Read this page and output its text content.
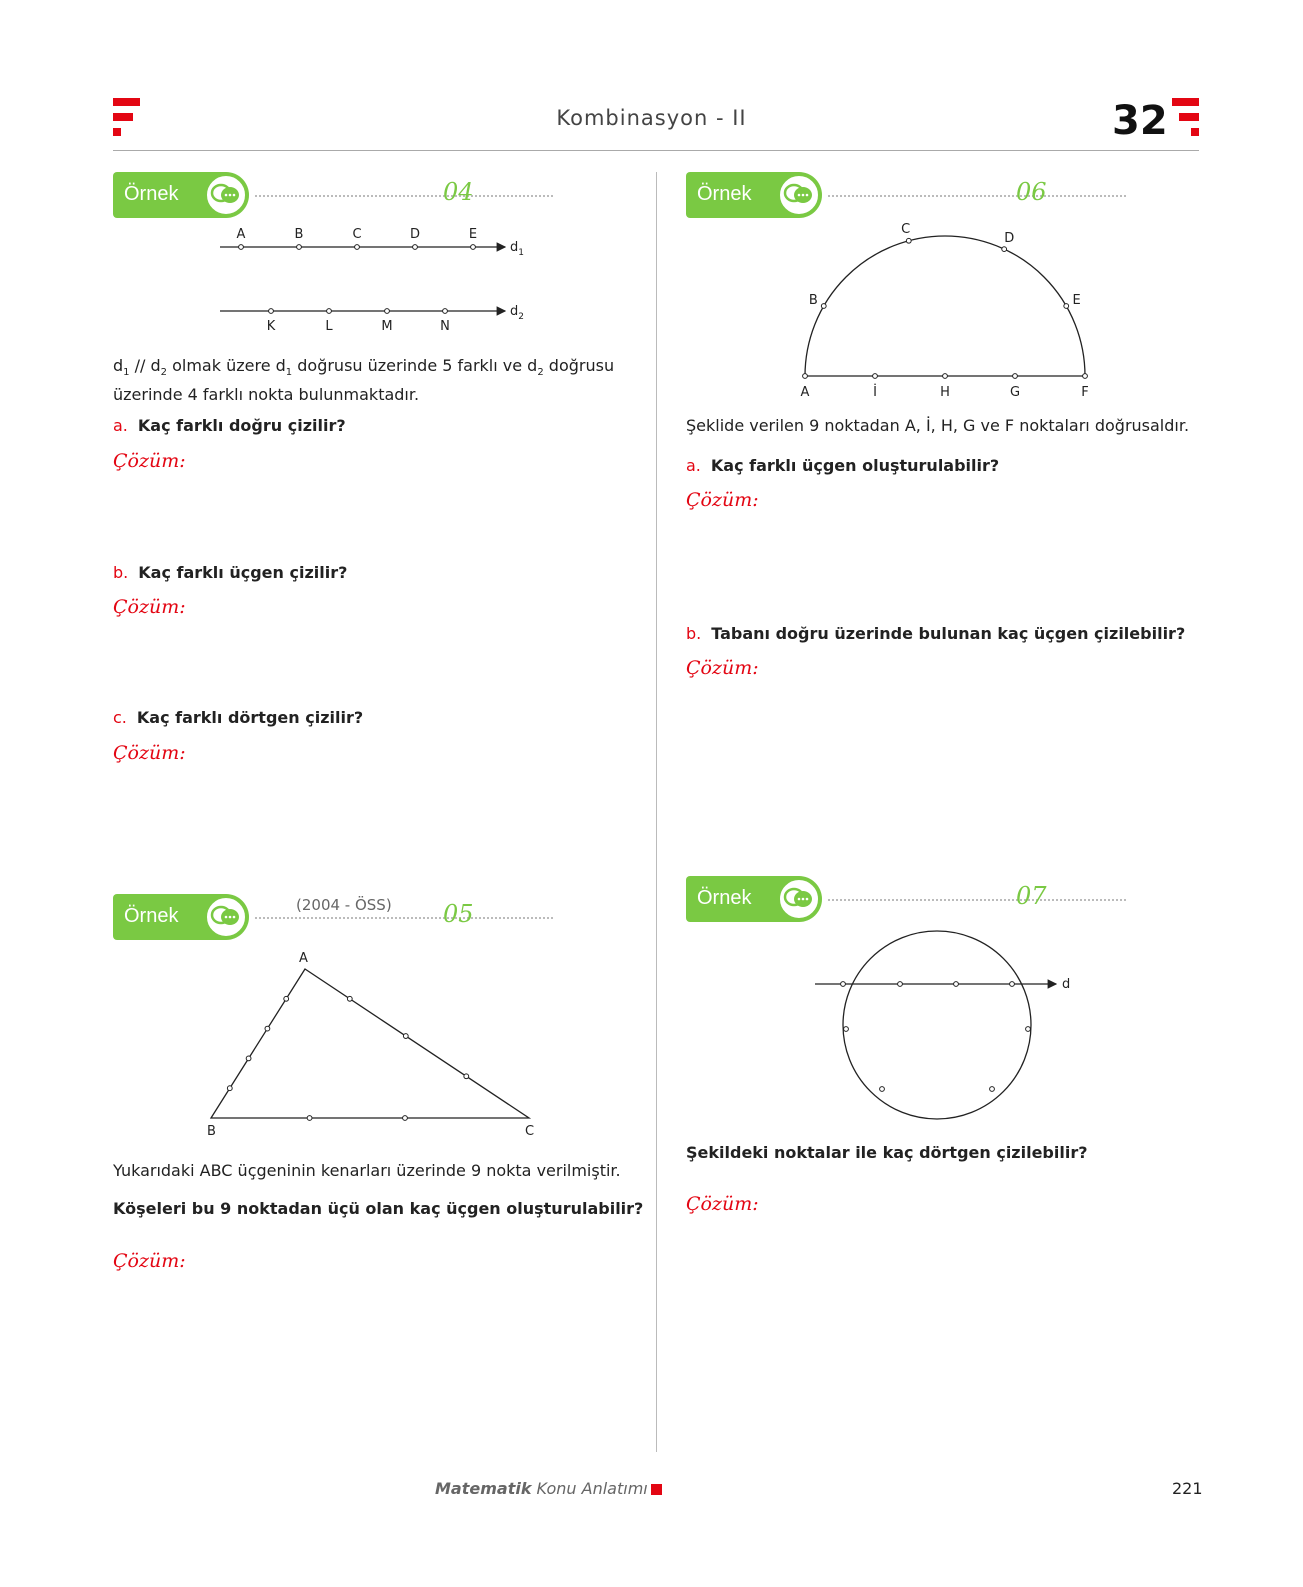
Kombinasyon - II	32
Örnek	04
A	B	C	D	E
K	L	M	N
$d_1$
$d_2$
$d_1 // d_2$ olmak üzere $d_1$ doğrusu üzerinde 5 farklı ve $d_2$ doğrusu
üzerinde 4 farklı nokta bulunmaktadır.
a. Kaç farklı doğru çizilir?
Çözüm:
b. Kaç farklı üçgen çizilir?
Çözüm:
c. Kaç farklı dörtgen çizilir?
Çözüm:
Örnek	05
(2004 - ÖSS)
A
B	C
Yukarıdaki ABC üçgeninin kenarları üzerinde 9 nokta verilmiştir.
Köşeleri bu 9 noktadan üçü olan kaç üçgen oluşturulabilir?
Çözüm:
Örnek	06
B
C
D
E
A	İ	H	G	F
Şeklide verilen 9 noktadan A, İ, H, G ve F noktaları doğrusaldır.
a. Kaç farklı üçgen oluşturulabilir?
Çözüm:
b. Tabanı doğru üzerinde bulunan kaç üçgen çizilebilir?
Çözüm:
Örnek	07
d
Şekildeki noktalar ile kaç dörtgen çizilebilir?
Çözüm:
Matematik Konu Anlatımı	221
